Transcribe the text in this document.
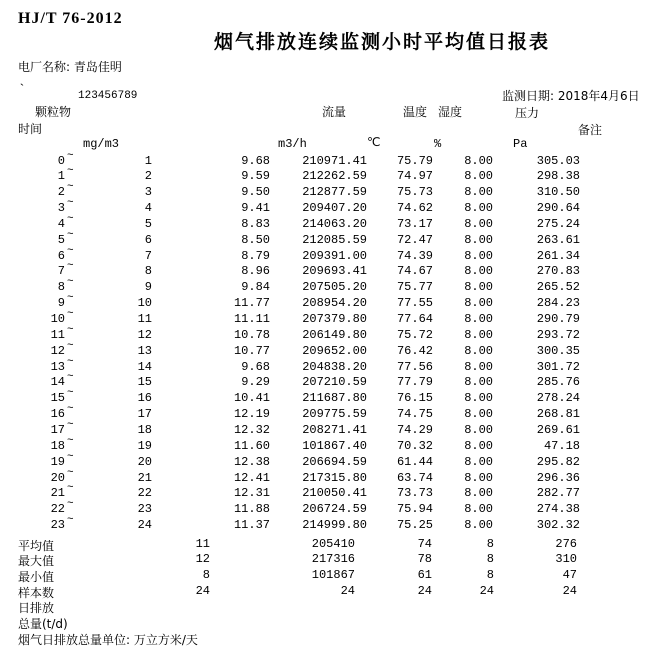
HJ/T 76-2012
烟气排放连续监测小时平均值日报表
电厂名称: 青岛佳明
`	123456789	监测日期: 2018年4月6日
颗粒物	流量	温度 湿度	压力
时间	备注
mg/m3	m3/h	℃	%	Pa
0 ~	1	9.68	210971.41	75.79	8.00	305.03
1 ~	2	9.59	212262.59	74.97	8.00	298.38
2 ~	3	9.50	212877.59	75.73	8.00	310.50
3 ~	4	9.41	209407.20	74.62	8.00	290.64
4 ~	5	8.83	214063.20	73.17	8.00	275.24
5 ~	6	8.50	212085.59	72.47	8.00	263.61
6 ~	7	8.79	209391.00	74.39	8.00	261.34
7 ~	8	8.96	209693.41	74.67	8.00	270.83
8 ~	9	9.84	207505.20	75.77	8.00	265.52
9 ~	10	11.77	208954.20	77.55	8.00	284.23
10 ~	11	11.11	207379.80	77.64	8.00	290.79
11 ~	12	10.78	206149.80	75.72	8.00	293.72
12 ~	13	10.77	209652.00	76.42	8.00	300.35
13 ~	14	9.68	204838.20	77.56	8.00	301.72
14 ~	15	9.29	207210.59	77.79	8.00	285.76
15 ~	16	10.41	211687.80	76.15	8.00	278.24
16 ~	17	12.19	209775.59	74.75	8.00	268.81
17 ~	18	12.32	208271.41	74.29	8.00	269.61
18 ~	19	11.60	101867.40	70.32	8.00	47.18
19 ~	20	12.38	206694.59	61.44	8.00	295.82
20 ~	21	12.41	217315.80	63.74	8.00	296.36
21 ~	22	12.31	210050.41	73.73	8.00	282.77
22 ~	23	11.88	206724.59	75.94	8.00	274.38
23 ~	24	11.37	214999.80	75.25	8.00	302.32
平均值	11	205410	74	8	276
最大值	12	217316	78	8	310
最小值	8	101867	61	8	47
样本数	24	24	24	24	24
日排放
总量(t/d)
烟气日排放总量单位: 万立方米/天
